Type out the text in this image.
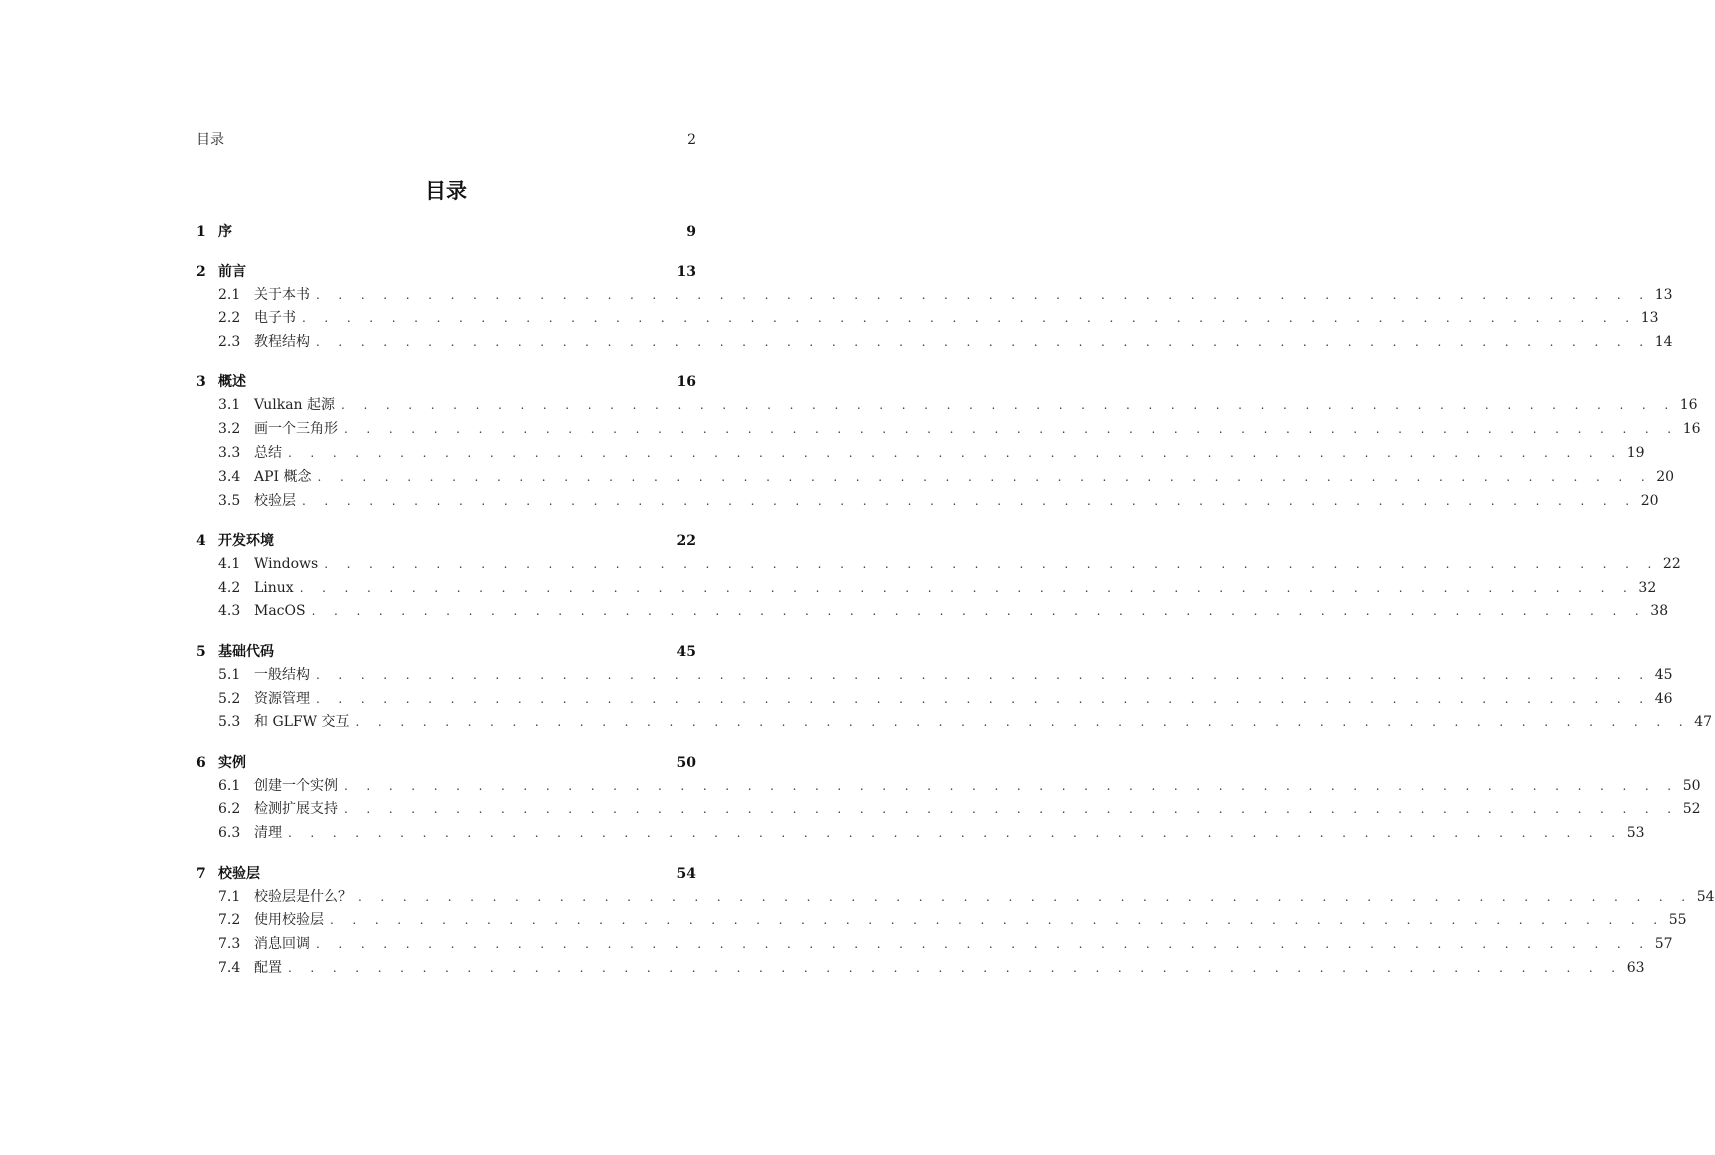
目录	2
目录
1 序	9
2 前言	13
2.1 关于本书 . . . . . . . . . . . . . . . . . . . . . . . . . . . . . . . . . . . . . . . . . . . . . . . . . . . . . . . . . . . . 13
2.2 电子书 . . . . . . . . . . . . . . . . . . . . . . . . . . . . . . . . . . . . . . . . . . . . . . . . . . . . . . . . . . . . 13
2.3 教程结构 . . . . . . . . . . . . . . . . . . . . . . . . . . . . . . . . . . . . . . . . . . . . . . . . . . . . . . . . . . . . 14
3 概述	16
3.1 Vulkan 起源 . . . . . . . . . . . . . . . . . . . . . . . . . . . . . . . . . . . . . . . . . . . . . . . . . . . . . . . . . . . . 16
3.2 画一个三角形 . . . . . . . . . . . . . . . . . . . . . . . . . . . . . . . . . . . . . . . . . . . . . . . . . . . . . . . . . . . . 16
3.3 总结 . . . . . . . . . . . . . . . . . . . . . . . . . . . . . . . . . . . . . . . . . . . . . . . . . . . . . . . . . . . . 19
3.4 API 概念 . . . . . . . . . . . . . . . . . . . . . . . . . . . . . . . . . . . . . . . . . . . . . . . . . . . . . . . . . . . . 20
3.5 校验层 . . . . . . . . . . . . . . . . . . . . . . . . . . . . . . . . . . . . . . . . . . . . . . . . . . . . . . . . . . . . 20
4 开发环境	22
4.1 Windows . . . . . . . . . . . . . . . . . . . . . . . . . . . . . . . . . . . . . . . . . . . . . . . . . . . . . . . . . . . . 22
4.2 Linux . . . . . . . . . . . . . . . . . . . . . . . . . . . . . . . . . . . . . . . . . . . . . . . . . . . . . . . . . . . . 32
4.3 MacOS . . . . . . . . . . . . . . . . . . . . . . . . . . . . . . . . . . . . . . . . . . . . . . . . . . . . . . . . . . . . 38
5 基础代码	45
5.1 一般结构 . . . . . . . . . . . . . . . . . . . . . . . . . . . . . . . . . . . . . . . . . . . . . . . . . . . . . . . . . . . . 45
5.2 资源管理 . . . . . . . . . . . . . . . . . . . . . . . . . . . . . . . . . . . . . . . . . . . . . . . . . . . . . . . . . . . . 46
5.3 和 GLFW 交互 . . . . . . . . . . . . . . . . . . . . . . . . . . . . . . . . . . . . . . . . . . . . . . . . . . . . . . . . . . . . 47
6 实例	50
6.1 创建一个实例 . . . . . . . . . . . . . . . . . . . . . . . . . . . . . . . . . . . . . . . . . . . . . . . . . . . . . . . . . . . . 50
6.2 检测扩展支持 . . . . . . . . . . . . . . . . . . . . . . . . . . . . . . . . . . . . . . . . . . . . . . . . . . . . . . . . . . . . 52
6.3 清理 . . . . . . . . . . . . . . . . . . . . . . . . . . . . . . . . . . . . . . . . . . . . . . . . . . . . . . . . . . . . 53
7 校验层	54
7.1 校验层是什么？ . . . . . . . . . . . . . . . . . . . . . . . . . . . . . . . . . . . . . . . . . . . . . . . . . . . . . . . . . . . . 54
7.2 使用校验层 . . . . . . . . . . . . . . . . . . . . . . . . . . . . . . . . . . . . . . . . . . . . . . . . . . . . . . . . . . . . 55
7.3 消息回调 . . . . . . . . . . . . . . . . . . . . . . . . . . . . . . . . . . . . . . . . . . . . . . . . . . . . . . . . . . . . 57
7.4 配置 . . . . . . . . . . . . . . . . . . . . . . . . . . . . . . . . . . . . . . . . . . . . . . . . . . . . . . . . . . . . 63
